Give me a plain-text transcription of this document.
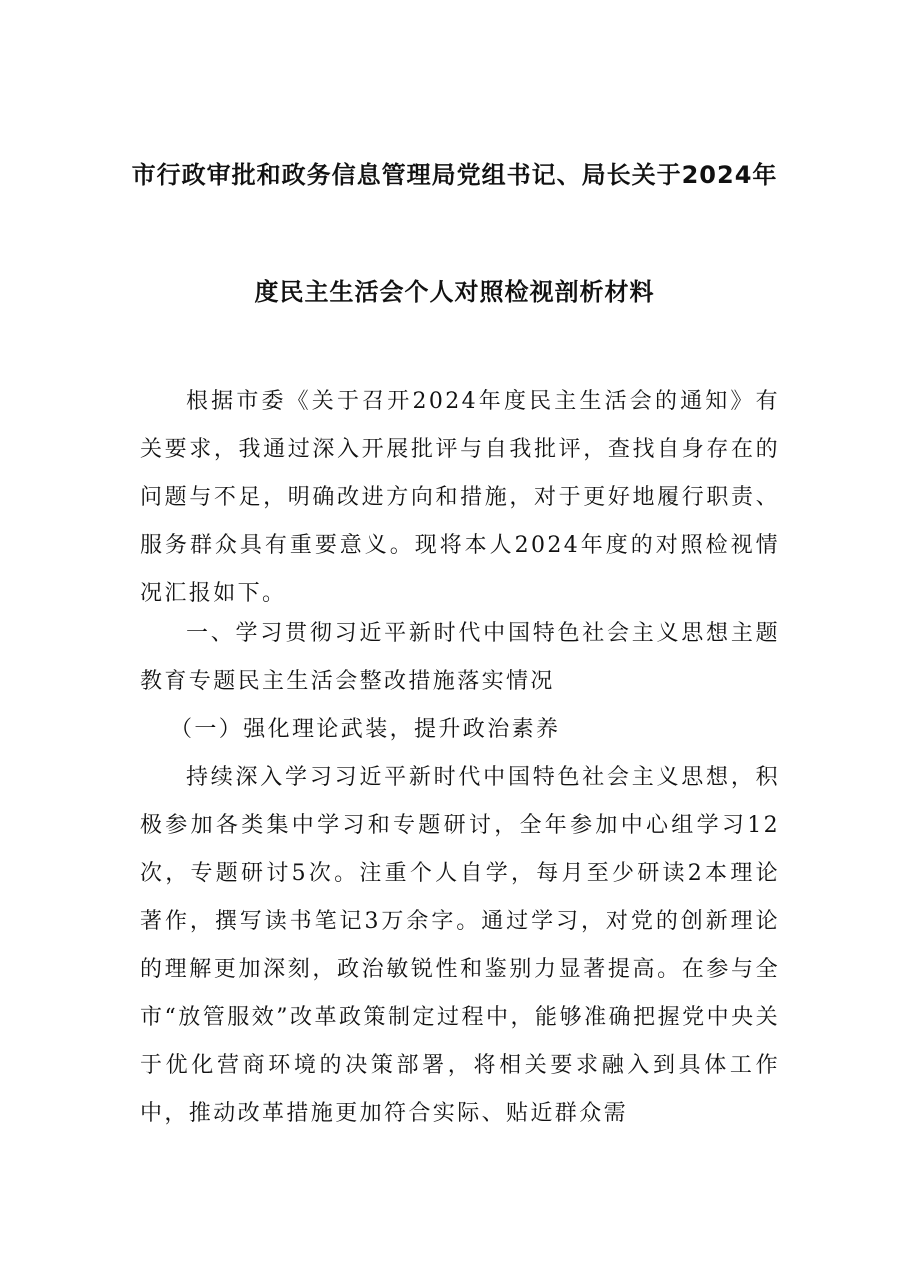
市行政审批和政务信息管理局党组书记、局长关于2024年
度民主生活会个人对照检视剖析材料

根据市委《关于召开2024年度民主生活会的通知》有关要求，我通过深入开展批评与自我批评，查找自身存在的问题与不足，明确改进方向和措施，对于更好地履行职责、服务群众具有重要意义。现将本人2024年度的对照检视情况汇报如下。

一、学习贯彻习近平新时代中国特色社会主义思想主题教育专题民主生活会整改措施落实情况

（一）强化理论武装，提升政治素养

持续深入学习习近平新时代中国特色社会主义思想，积极参加各类集中学习和专题研讨，全年参加中心组学习12次，专题研讨5次。注重个人自学，每月至少研读2本理论著作，撰写读书笔记3万余字。通过学习，对党的创新理论的理解更加深刻，政治敏锐性和鉴别力显著提高。在参与全市“放管服效”改革政策制定过程中，能够准确把握党中央关于优化营商环境的决策部署，将相关要求融入到具体工作中，推动改革措施更加符合实际、贴近群众需
